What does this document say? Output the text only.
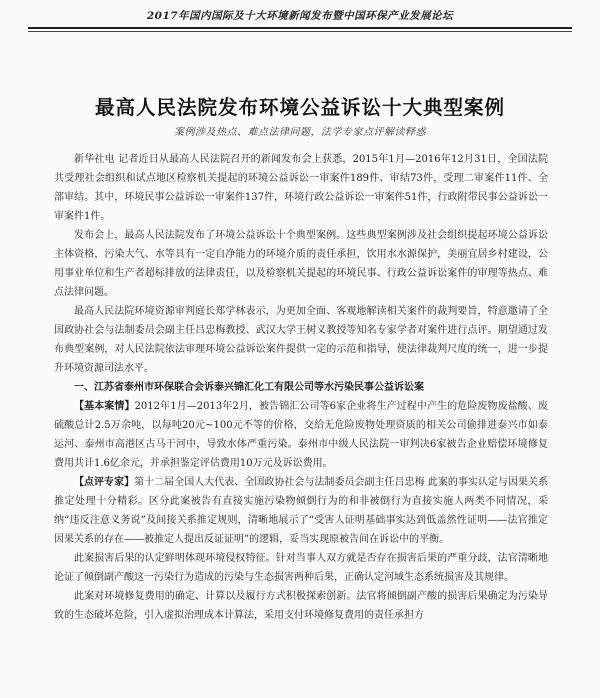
2017年国内国际及十大环境新闻发布暨中国环保产业发展论坛
最高人民法院发布环境公益诉讼十大典型案例
案例涉及热点、难点法律问题，法学专家点评解读释惑

新华社电 记者近日从最高人民法院召开的新闻发布会上获悉，2015年1月—2016年12月31日，全国法院共受理社会组织和试点地区检察机关提起的环境公益诉讼一审案件189件、审结73件，受理二审案件11件、全部审结。其中，环境民事公益诉讼一审案件137件，环境行政公益诉讼一审案件51件，行政附带民事公益诉讼一审案件1件。

发布会上，最高人民法院发布了环境公益诉讼十个典型案例。这些典型案例涉及社会组织提起环境公益诉讼主体资格，污染大气、水等具有一定自净能力的环境介质的责任承担，饮用水水源保护，美丽宜居乡村建设，公用事业单位和生产者超标排放的法律责任，以及检察机关提起的环境民事、行政公益诉讼案件的审理等热点、难点法律问题。

最高人民法院环境资源审判庭长郑学林表示，为更加全面、客观地解读相关案件的裁判要旨，特意邀请了全国政协社会与法制委员会副主任吕忠梅教授、武汉大学王树义教授等知名专家学者对案件进行点评。期望通过发布典型案例，对人民法院依法审理环境公益诉讼案件提供一定的示范和指导，使法律裁判尺度的统一，进一步提升环境资源司法水平。

一、江苏省泰州市环保联合会诉泰兴锦汇化工有限公司等水污染民事公益诉讼案

【基本案情】2012年1月—2013年2月，被告锦汇公司等6家企业将生产过程中产生的危险废物废盐酸、废硫酸总计2.5万余吨，以每吨20元~100元不等的价格，交给无危险废物处理资质的相关公司偷排进泰兴市如泰运河、泰州市高港区古马干河中，导致水体严重污染。泰州市中级人民法院一审判决6家被告企业赔偿环境修复费用共计1.6亿余元，并承担鉴定评估费用10万元及诉讼费用。

【点评专家】第十二届全国人大代表、全国政协社会与法制委员会副主任吕忠梅 此案的事实认定与因果关系推定处理十分精彩。区分此案被告有直接实施污染物倾倒行为的和非被倒行为直接实施人两类不同情况，采纳“违反注意义务说”及间接关系推定规则，清晰地展示了“受害人证明基础事实达到低盖然性证明——法官推定因果关系的存在——被推定人提出反证证明”的逻辑，妥当实现原被告间在诉讼中的平衡。

此案损害后果的认定鲜明体现环境侵权特征。针对当事人双方就是否存在损害后果的严重分歧，法官清晰地论证了倾倒副产酸这一污染行为造成的污染与生态损害两种后果，正确认定河域生态系统损害及其规律。

此案对环境修复费用的确定、计算以及履行方式积极探索创新。法官将倾倒副产酸的损害后果确定为污染导致的生态破坏危险，引入虚拟治理成本计算法，采用支付环境修复费用的责任承担方
